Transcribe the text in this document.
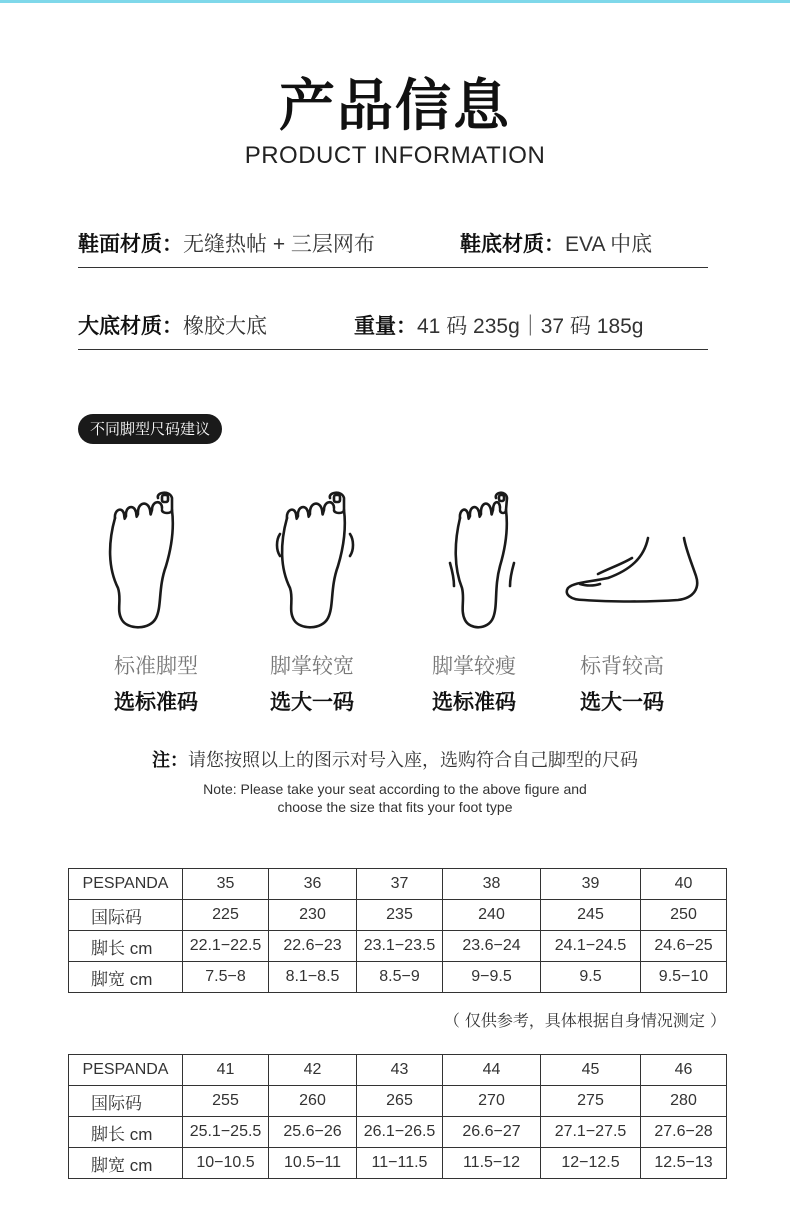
产品信息
PRODUCT INFORMATION
鞋面材质：无缝热帖 + 三层网布	鞋底材质：EVA 中底
大底材质：橡胶大底	重量：41 码 235g｜37 码 185g
不同脚型尺码建议
标准脚型	脚掌较宽	脚掌较瘦	标背较高
选标准码	选大一码	选标准码	选大一码
注：请您按照以上的图示对号入座，选购符合自己脚型的尺码
Note: Please take your seat according to the above figure and
choose the size that fits your foot type
PESPANDA	35	36	37	38	39	40
国际码	225	230	235	240	245	250
脚长 cm	22.1−22.5	22.6−23	23.1−23.5	23.6−24	24.1−24.5	24.6−25
脚宽 cm	7.5−8	8.1−8.5	8.5−9	9−9.5	9.5	9.5−10
（ 仅供参考，具体根据自身情况测定 ）
PESPANDA	41	42	43	44	45	46
国际码	255	260	265	270	275	280
脚长 cm	25.1−25.5	25.6−26	26.1−26.5	26.6−27	27.1−27.5	27.6−28
脚宽 cm	10−10.5	10.5−11	11−11.5	11.5−12	12−12.5	12.5−13
